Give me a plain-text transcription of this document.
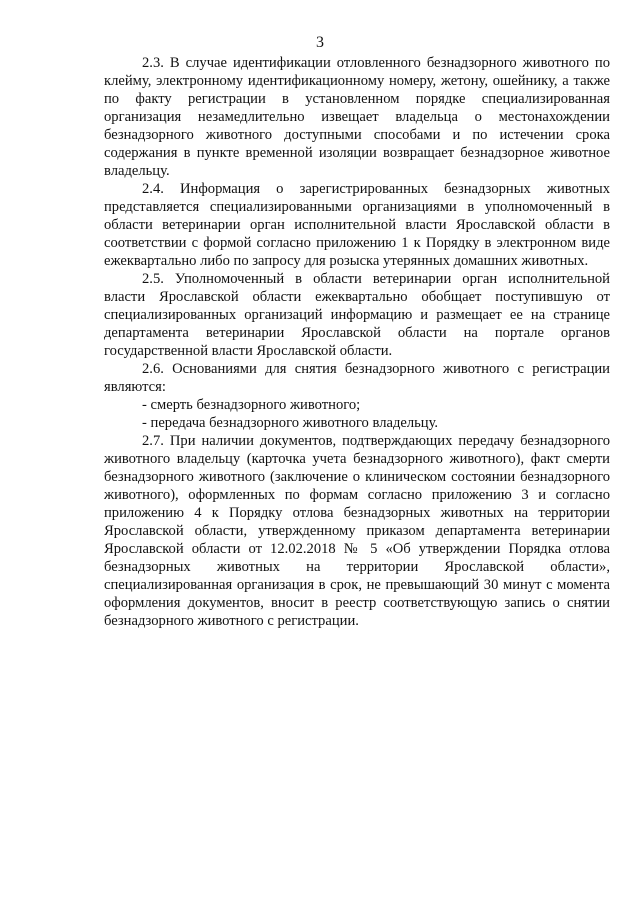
3

2.3. В случае идентификации отловленного безнадзорного животного по клейму, электронному идентификационному номеру, жетону, ошейнику, а также по факту регистрации в установленном порядке специализированная организация незамедлительно извещает владельца о местонахождении безнадзорного животного доступными способами и по истечении срока содержания в пункте временной изоляции возвращает безнадзорное животное владельцу.

2.4. Информация о зарегистрированных безнадзорных животных представляется специализированными организациями в уполномоченный в области ветеринарии орган исполнительной власти Ярославской области в соответствии с формой согласно приложению 1 к Порядку в электронном виде ежеквартально либо по запросу для розыска утерянных домашних животных.

2.5. Уполномоченный в области ветеринарии орган исполнительной власти Ярославской области ежеквартально обобщает поступившую от специализированных организаций информацию и размещает ее на странице департамента ветеринарии Ярославской области на портале органов государственной власти Ярославской области.

2.6. Основаниями для снятия безнадзорного животного с регистрации являются:

- смерть безнадзорного животного;

- передача безнадзорного животного владельцу.

2.7. При наличии документов, подтверждающих передачу безнадзорного животного владельцу (карточка учета безнадзорного животного), факт смерти безнадзорного животного (заключение о клиническом состоянии безнадзорного животного), оформленных по формам согласно приложению 3 и согласно приложению 4 к Порядку отлова безнадзорных животных на территории Ярославской области, утвержденному приказом департамента ветеринарии Ярославской области от 12.02.2018 № 5 «Об утверждении Порядка отлова безнадзорных животных на территории Ярославской области», специализированная организация в срок, не превышающий 30 минут с момента оформления документов, вносит в реестр соответствующую запись о снятии безнадзорного животного с регистрации.
